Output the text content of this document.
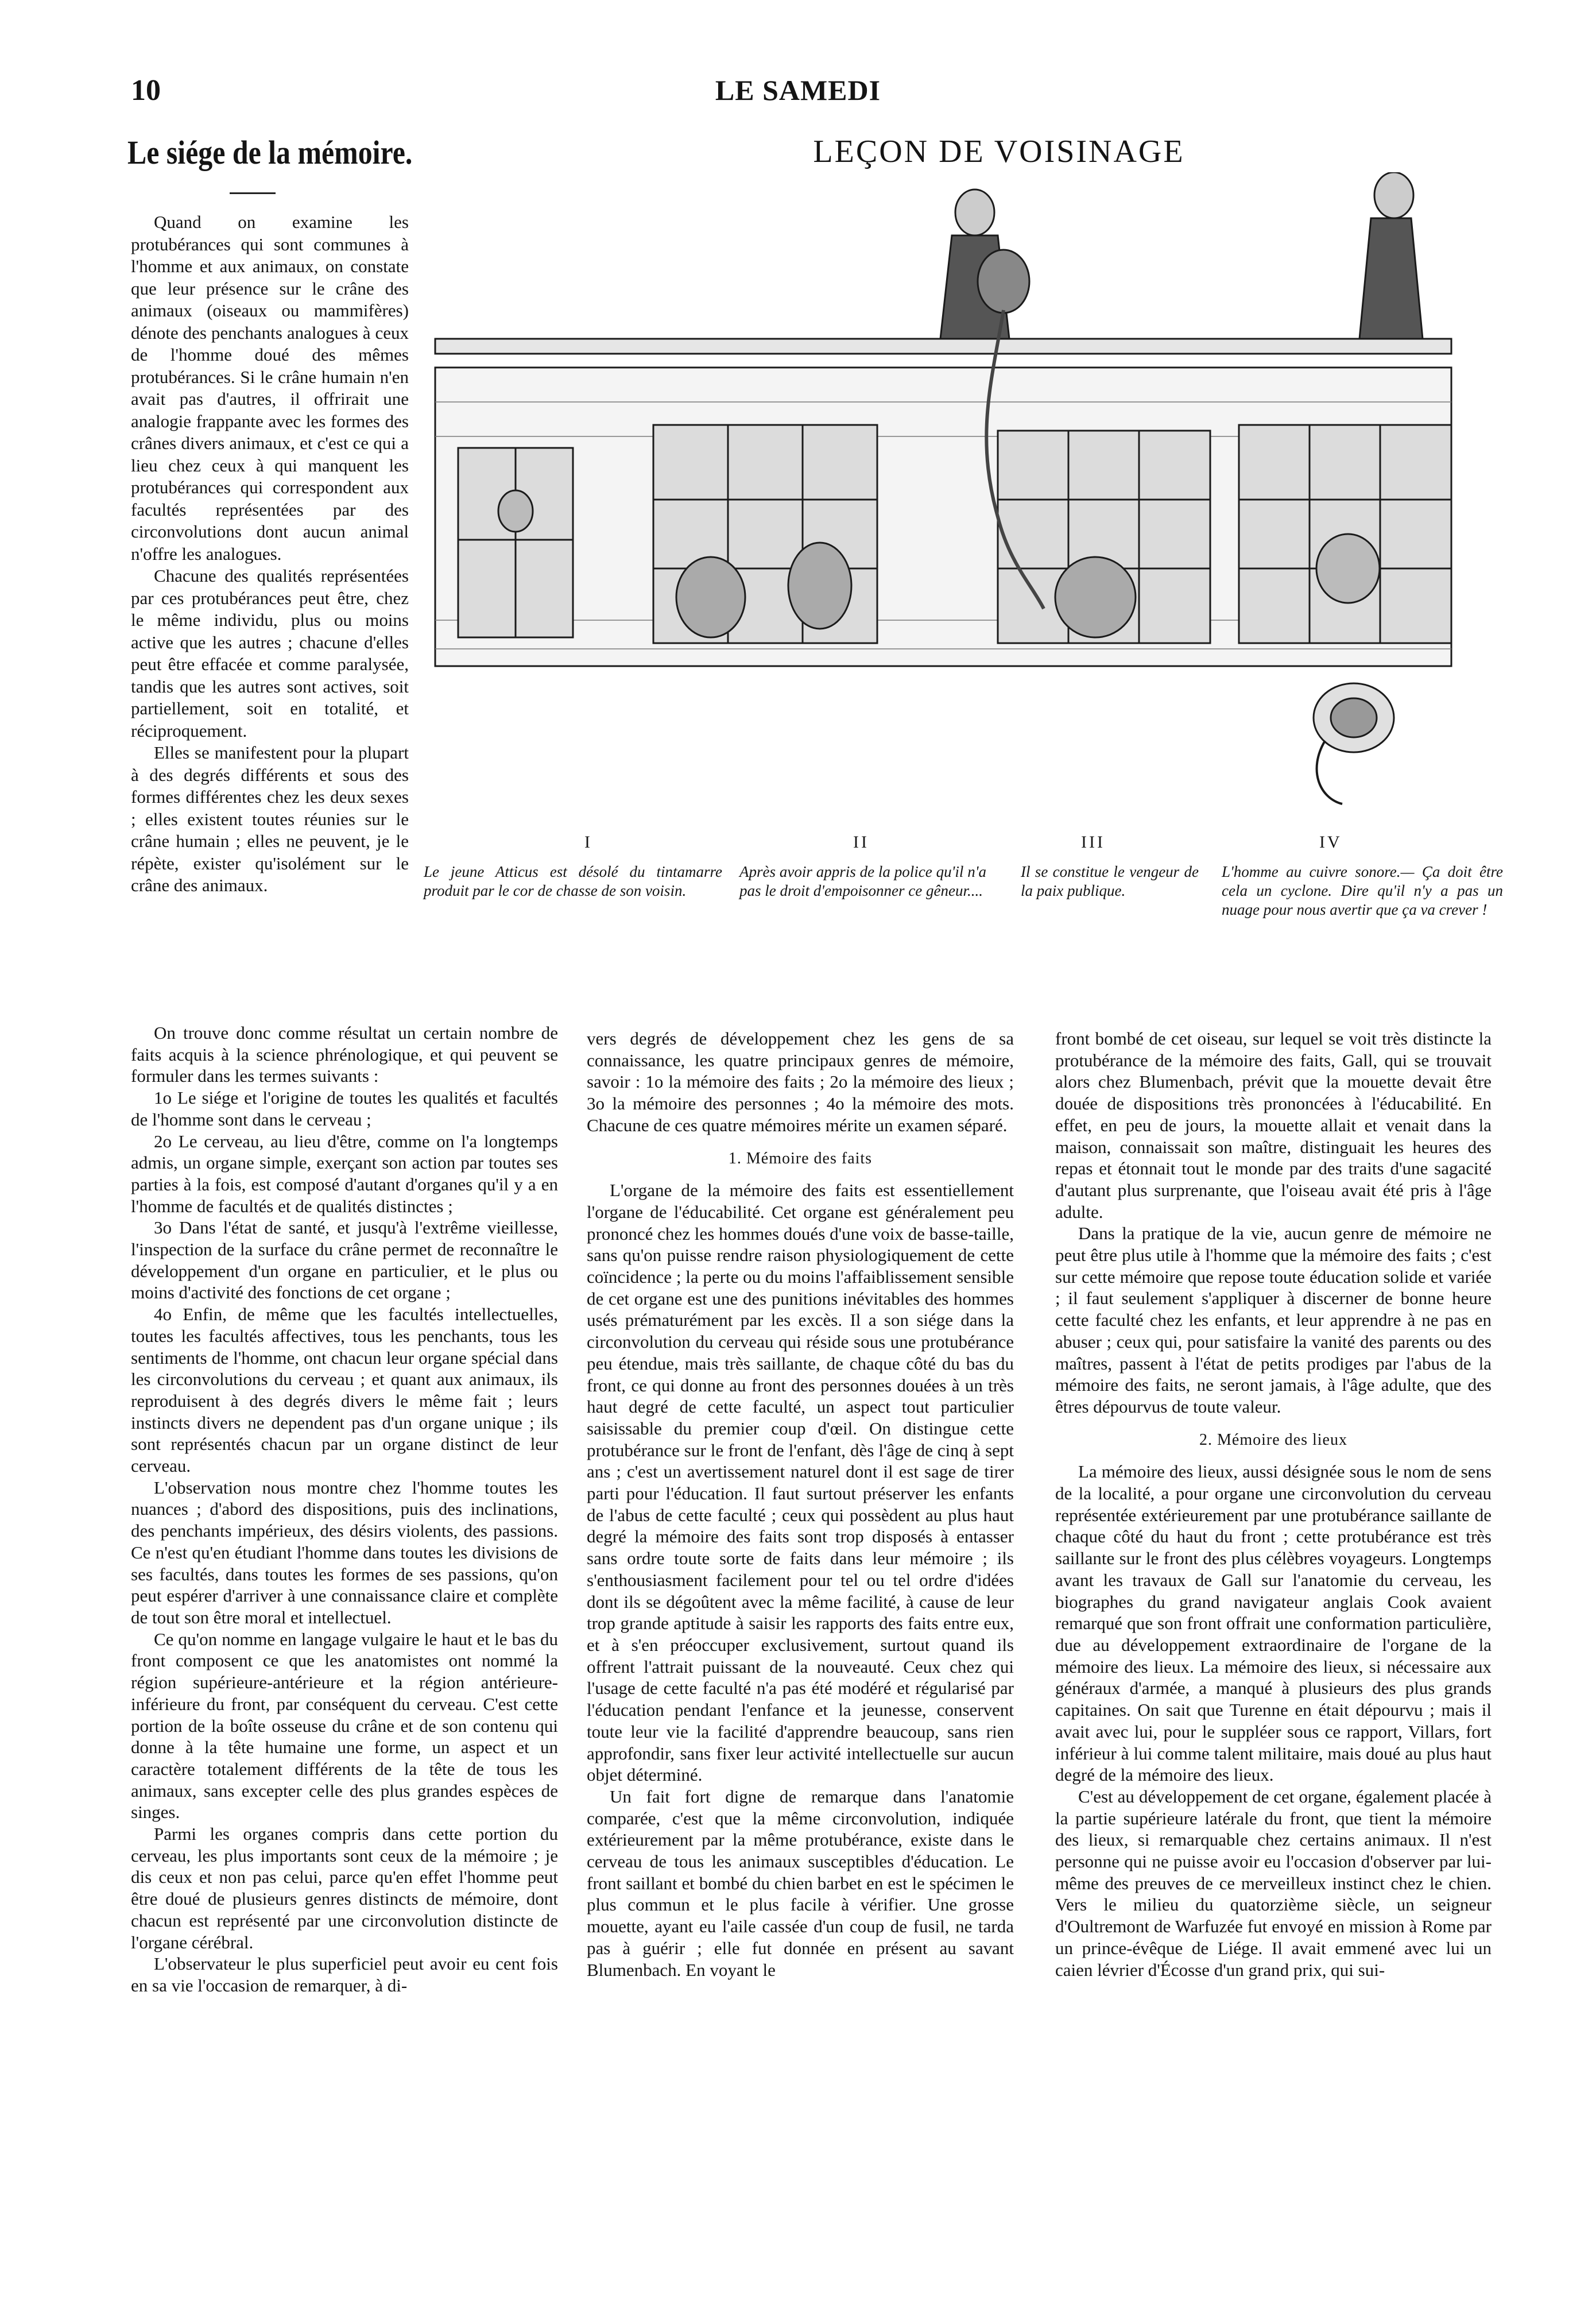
10	LE SAMEDI
Le siége de la mémoire.	LEÇON DE VOISINAGE

Quand on examine les protubérances qui sont communes à l'homme et aux animaux, on constate que leur présence sur le crâne des animaux (oiseaux ou mammifères) dénote des penchants analogues à ceux de l'homme doué des mêmes protubérances. Si le crâne humain n'en avait pas d'autres, il offrirait une analogie frappante avec les formes des crânes divers animaux, et c'est ce qui a lieu chez ceux à qui manquent les protubérances qui correspondent aux facultés représentées par des circonvolutions dont aucun animal n'offre les analogues.

Chacune des qualités représentées par ces protubérances peut être, chez le même individu, plus ou moins active que les autres ; chacune d'elles peut être effacée et comme paralysée, tandis que les autres sont actives, soit partiellement, soit en totalité, et réciproquement.

Elles se manifestent pour la plupart à des degrés différents et sous des formes différentes chez les deux sexes ; elles existent toutes réunies sur le crâne humain ; elles ne peuvent, je le répète, exister qu'isolément sur le crâne des animaux.

I	II	III	IV
Le jeune Atticus est désolé du tintamarre produit par le cor de chasse de son voisin.
Après avoir appris de la police qu'il n'a pas le droit d'empoisonner ce gêneur....
Il se constitue le vengeur de la paix publique.
L'homme au cuivre sonore.— Ça doit être cela un cyclone. Dire qu'il n'y a pas un nuage pour nous avertir que ça va crever !

On trouve donc comme résultat un certain nombre de faits acquis à la science phrénologique, et qui peuvent se formuler dans les termes suivants :

1o Le siége et l'origine de toutes les qualités et facultés de l'homme sont dans le cerveau ;

2o Le cerveau, au lieu d'être, comme on l'a longtemps admis, un organe simple, exerçant son action par toutes ses parties à la fois, est composé d'autant d'organes qu'il y a en l'homme de facultés et de qualités distinctes ;

3o Dans l'état de santé, et jusqu'à l'extrême vieillesse, l'inspection de la surface du crâne permet de reconnaître le développement d'un organe en particulier, et le plus ou moins d'activité des fonctions de cet organe ;

4o Enfin, de même que les facultés intellectuelles, toutes les facultés affectives, tous les penchants, tous les sentiments de l'homme, ont chacun leur organe spécial dans les circonvolutions du cerveau ; et quant aux animaux, ils reproduisent à des degrés divers le même fait ; leurs instincts divers ne dependent pas d'un organe unique ; ils sont représentés chacun par un organe distinct de leur cerveau.

L'observation nous montre chez l'homme toutes les nuances ; d'abord des dispositions, puis des inclinations, des penchants impérieux, des désirs violents, des passions. Ce n'est qu'en étudiant l'homme dans toutes les divisions de ses facultés, dans toutes les formes de ses passions, qu'on peut espérer d'arriver à une connaissance claire et complète de tout son être moral et intellectuel.

Ce qu'on nomme en langage vulgaire le haut et le bas du front composent ce que les anatomistes ont nommé la région supérieure-antérieure et la région antérieure-inférieure du front, par conséquent du cerveau. C'est cette portion de la boîte osseuse du crâne et de son contenu qui donne à la tête humaine une forme, un aspect et un caractère totalement différents de la tête de tous les animaux, sans excepter celle des plus grandes espèces de singes.

Parmi les organes compris dans cette portion du cerveau, les plus importants sont ceux de la mémoire ; je dis ceux et non pas celui, parce qu'en effet l'homme peut être doué de plusieurs genres distincts de mémoire, dont chacun est représenté par une circonvolution distincte de l'organe cérébral.

L'observateur le plus superficiel peut avoir eu cent fois en sa vie l'occasion de remarquer, à di-

vers degrés de développement chez les gens de sa connaissance, les quatre principaux genres de mémoire, savoir : 1o la mémoire des faits ; 2o la mémoire des lieux ; 3o la mémoire des personnes ; 4o la mémoire des mots. Chacune de ces quatre mémoires mérite un examen séparé.

1. Mémoire des faits

L'organe de la mémoire des faits est essentiellement l'organe de l'éducabilité. Cet organe est généralement peu prononcé chez les hommes doués d'une voix de basse-taille, sans qu'on puisse rendre raison physiologiquement de cette coïncidence ; la perte ou du moins l'affaiblissement sensible de cet organe est une des punitions inévitables des hommes usés prématurément par les excès. Il a son siége dans la circonvolution du cerveau qui réside sous une protubérance peu étendue, mais très saillante, de chaque côté du bas du front, ce qui donne au front des personnes douées à un très haut degré de cette faculté, un aspect tout particulier saisissable du premier coup d'œil. On distingue cette protubérance sur le front de l'enfant, dès l'âge de cinq à sept ans ; c'est un avertissement naturel dont il est sage de tirer parti pour l'éducation. Il faut surtout préserver les enfants de l'abus de cette faculté ; ceux qui possèdent au plus haut degré la mémoire des faits sont trop disposés à entasser sans ordre toute sorte de faits dans leur mémoire ; ils s'enthousiasment facilement pour tel ou tel ordre d'idées dont ils se dégoûtent avec la même facilité, à cause de leur trop grande aptitude à saisir les rapports des faits entre eux, et à s'en préoccuper exclusivement, surtout quand ils offrent l'attrait puissant de la nouveauté. Ceux chez qui l'usage de cette faculté n'a pas été modéré et régularisé par l'éducation pendant l'enfance et la jeunesse, conservent toute leur vie la facilité d'apprendre beaucoup, sans rien approfondir, sans fixer leur activité intellectuelle sur aucun objet déterminé.

Un fait fort digne de remarque dans l'anatomie comparée, c'est que la même circonvolution, indiquée extérieurement par la même protubérance, existe dans le cerveau de tous les animaux susceptibles d'éducation. Le front saillant et bombé du chien barbet en est le spécimen le plus commun et le plus facile à vérifier. Une grosse mouette, ayant eu l'aile cassée d'un coup de fusil, ne tarda pas à guérir ; elle fut donnée en présent au savant Blumenbach. En voyant le

front bombé de cet oiseau, sur lequel se voit très distincte la protubérance de la mémoire des faits, Gall, qui se trouvait alors chez Blumenbach, prévit que la mouette devait être douée de dispositions très prononcées à l'éducabilité. En effet, en peu de jours, la mouette allait et venait dans la maison, connaissait son maître, distinguait les heures des repas et étonnait tout le monde par des traits d'une sagacité d'autant plus surprenante, que l'oiseau avait été pris à l'âge adulte.

Dans la pratique de la vie, aucun genre de mémoire ne peut être plus utile à l'homme que la mémoire des faits ; c'est sur cette mémoire que repose toute éducation solide et variée ; il faut seulement s'appliquer à discerner de bonne heure cette faculté chez les enfants, et leur apprendre à ne pas en abuser ; ceux qui, pour satisfaire la vanité des parents ou des maîtres, passent à l'état de petits prodiges par l'abus de la mémoire des faits, ne seront jamais, à l'âge adulte, que des êtres dépourvus de toute valeur.

2. Mémoire des lieux

La mémoire des lieux, aussi désignée sous le nom de sens de la localité, a pour organe une circonvolution du cerveau représentée extérieurement par une protubérance saillante de chaque côté du haut du front ; cette protubérance est très saillante sur le front des plus célèbres voyageurs. Longtemps avant les travaux de Gall sur l'anatomie du cerveau, les biographes du grand navigateur anglais Cook avaient remarqué que son front offrait une conformation particulière, due au développement extraordinaire de l'organe de la mémoire des lieux. La mémoire des lieux, si nécessaire aux généraux d'armée, a manqué à plusieurs des plus grands capitaines. On sait que Turenne en était dépourvu ; mais il avait avec lui, pour le suppléer sous ce rapport, Villars, fort inférieur à lui comme talent militaire, mais doué au plus haut degré de la mémoire des lieux.

C'est au développement de cet organe, également placée à la partie supérieure latérale du front, que tient la mémoire des lieux, si remarquable chez certains animaux. Il n'est personne qui ne puisse avoir eu l'occasion d'observer par lui-même des preuves de ce merveilleux instinct chez le chien. Vers le milieu du quatorzième siècle, un seigneur d'Oultremont de Warfuzée fut envoyé en mission à Rome par un prince-évêque de Liége. Il avait emmené avec lui un caien lévrier d'Écosse d'un grand prix, qui sui-
